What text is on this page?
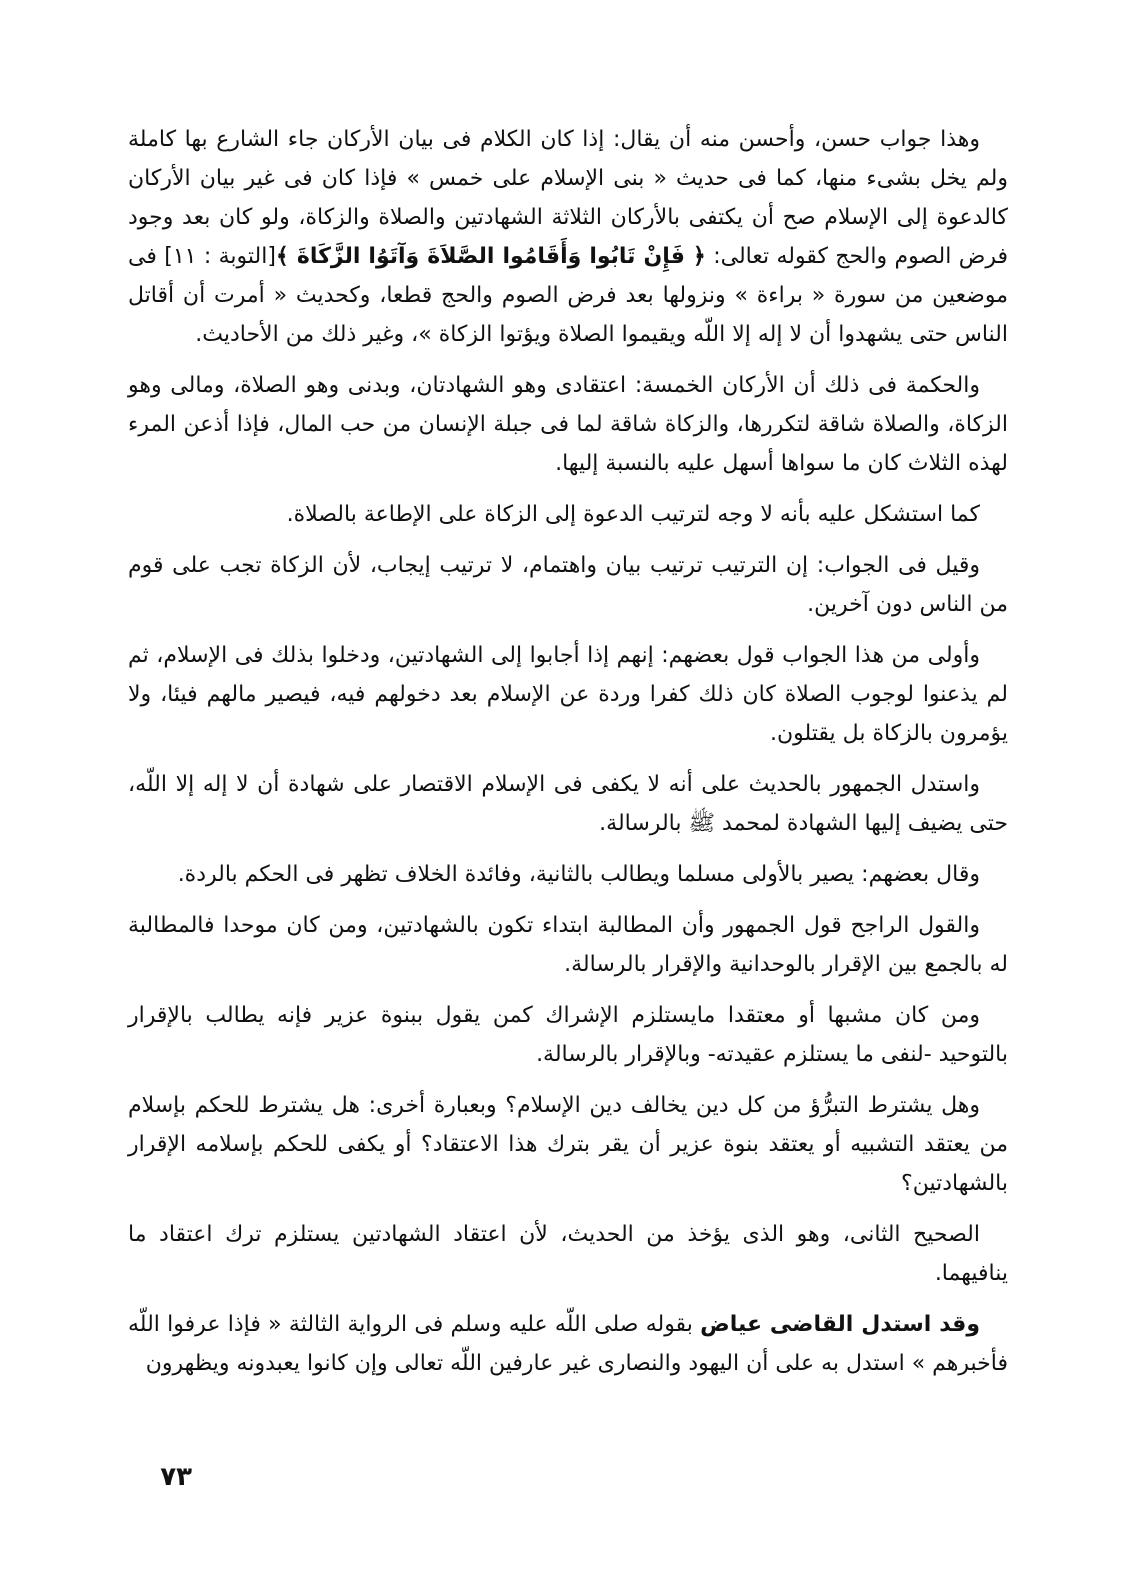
وهذا جواب حسن، وأحسن منه أن يقال: إذا كان الكلام فى بيان الأركان جاء الشارع بها كاملة ولم يخل بشىء منها، كما فى حديث « بنى الإسلام على خمس » فإذا كان فى غير بيان الأركان كالدعوة إلى الإسلام صح أن يكتفى بالأركان الثلاثة الشهادتين والصلاة والزكاة، ولو كان بعد وجود فرض الصوم والحج كقوله تعالى: ﴿ فَإِنْ تَابُوا وَأَقَامُوا الصَّلاَةَ وَآتَوُا الزَّكَاةَ ﴾[التوبة : ١١] فى موضعين من سورة « براءة » ونزولها بعد فرض الصوم والحج قطعا، وكحديث « أمرت أن أقاتل الناس حتى يشهدوا أن لا إله إلا اللّه ويقيموا الصلاة ويؤتوا الزكاة »، وغير ذلك من الأحاديث.

والحكمة فى ذلك أن الأركان الخمسة: اعتقادى وهو الشهادتان، وبدنى وهو الصلاة، ومالى وهو الزكاة، والصلاة شاقة لتكررها، والزكاة شاقة لما فى جبلة الإنسان من حب المال، فإذا أذعن المرء لهذه الثلاث كان ما سواها أسهل عليه بالنسبة إليها.

كما استشكل عليه بأنه لا وجه لترتيب الدعوة إلى الزكاة على الإطاعة بالصلاة.

وقيل فى الجواب: إن الترتيب ترتيب بيان واهتمام، لا ترتيب إيجاب، لأن الزكاة تجب على قوم من الناس دون آخرين.

وأولى من هذا الجواب قول بعضهم: إنهم إذا أجابوا إلى الشهادتين، ودخلوا بذلك فى الإسلام، ثم لم يذعنوا لوجوب الصلاة كان ذلك كفرا وردة عن الإسلام بعد دخولهم فيه، فيصير مالهم فيئا، ولا يؤمرون بالزكاة بل يقتلون.

واستدل الجمهور بالحديث على أنه لا يكفى فى الإسلام الاقتصار على شهادة أن لا إله إلا اللّه، حتى يضيف إليها الشهادة لمحمد ﷺ بالرسالة.

وقال بعضهم: يصير بالأولى مسلما ويطالب بالثانية، وفائدة الخلاف تظهر فى الحكم بالردة.

والقول الراجح قول الجمهور وأن المطالبة ابتداء تكون بالشهادتين، ومن كان موحدا فالمطالبة له بالجمع بين الإقرار بالوحدانية والإقرار بالرسالة.

ومن كان مشبها أو معتقدا مايستلزم الإشراك كمن يقول ببنوة عزير فإنه يطالب بالإقرار بالتوحيد -لنفى ما يستلزم عقيدته- وبالإقرار بالرسالة.

وهل يشترط التبرُّؤ من كل دين يخالف دين الإسلام؟ وبعبارة أخرى: هل يشترط للحكم بإسلام من يعتقد التشبيه أو يعتقد بنوة عزير أن يقر بترك هذا الاعتقاد؟ أو يكفى للحكم بإسلامه الإقرار بالشهادتين؟

الصحيح الثانى، وهو الذى يؤخذ من الحديث، لأن اعتقاد الشهادتين يستلزم ترك اعتقاد ما ينافيهما.

وقد استدل القاضى عياض بقوله صلى اللّه عليه وسلم فى الرواية الثالثة « فإذا عرفوا اللّه فأخبرهم » استدل به على أن اليهود والنصارى غير عارفين اللّه تعالى وإن كانوا يعبدونه ويظهرون

٧٣
